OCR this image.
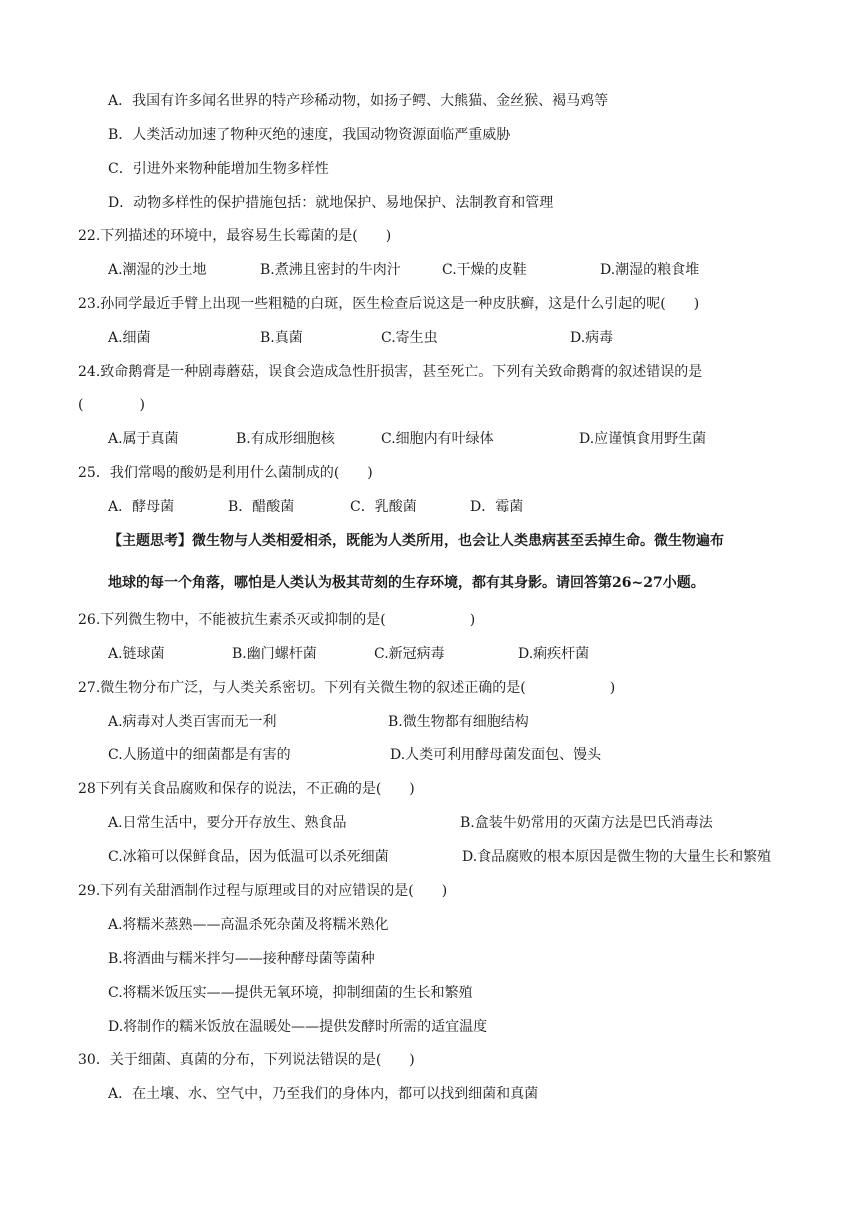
A．我国有许多闻名世界的特产珍稀动物，如扬子鳄、大熊猫、金丝猴、褐马鸡等
B．人类活动加速了物种灭绝的速度，我国动物资源面临严重威胁
C．引进外来物种能增加生物多样性
D．动物多样性的保护措施包括：就地保护、易地保护、法制教育和管理
22.下列描述的环境中，最容易生长霉菌的是(　　)
A.潮湿的沙土地	B.煮沸且密封的牛肉汁	C.干燥的皮鞋	D.潮湿的粮食堆
23.孙同学最近手臂上出现一些粗糙的白斑，医生检查后说这是一种皮肤癣，这是什么引起的呢(　　)
A.细菌	B.真菌	C.寄生虫	D.病毒
24.致命鹅膏是一种剧毒蘑菇，误食会造成急性肝损害，甚至死亡。下列有关致命鹅膏的叙述错误的是
(　　　　)
A.属于真菌	B.有成形细胞核	C.细胞内有叶绿体	D.应谨慎食用野生菌
25．我们常喝的酸奶是利用什么菌制成的(　　)
A．酵母菌	B．醋酸菌	C．乳酸菌	D．霉菌
【主题思考】微生物与人类相爱相杀，既能为人类所用，也会让人类患病甚至丢掉生命。微生物遍布
地球的每一个角落，哪怕是人类认为极其苛刻的生存环境，都有其身影。请回答第26~27小题。
26.下列微生物中，不能被抗生素杀灭或抑制的是(　　　　　　)
A.链球菌	B.幽门螺杆菌	C.新冠病毒	D.痢疾杆菌
27.微生物分布广泛，与人类关系密切。下列有关微生物的叙述正确的是(　　　　　　)
A.病毒对人类百害而无一利	B.微生物都有细胞结构
C.人肠道中的细菌都是有害的	D.人类可利用酵母菌发面包、馒头
28下列有关食品腐败和保存的说法，不正确的是(　　)
A.日常生活中，要分开存放生、熟食品	B.盒装牛奶常用的灭菌方法是巴氏消毒法
C.冰箱可以保鲜食品，因为低温可以杀死细菌	D.食品腐败的根本原因是微生物的大量生长和繁殖
29.下列有关甜酒制作过程与原理或目的对应错误的是(　　)
A.将糯米蒸熟——高温杀死杂菌及将糯米熟化
B.将酒曲与糯米拌匀——接种酵母菌等菌种
C.将糯米饭压实——提供无氧环境，抑制细菌的生长和繁殖
D.将制作的糯米饭放在温暖处——提供发酵时所需的适宜温度
30．关于细菌、真菌的分布，下列说法错误的是(　　)
A．在土壤、水、空气中，乃至我们的身体内，都可以找到细菌和真菌
